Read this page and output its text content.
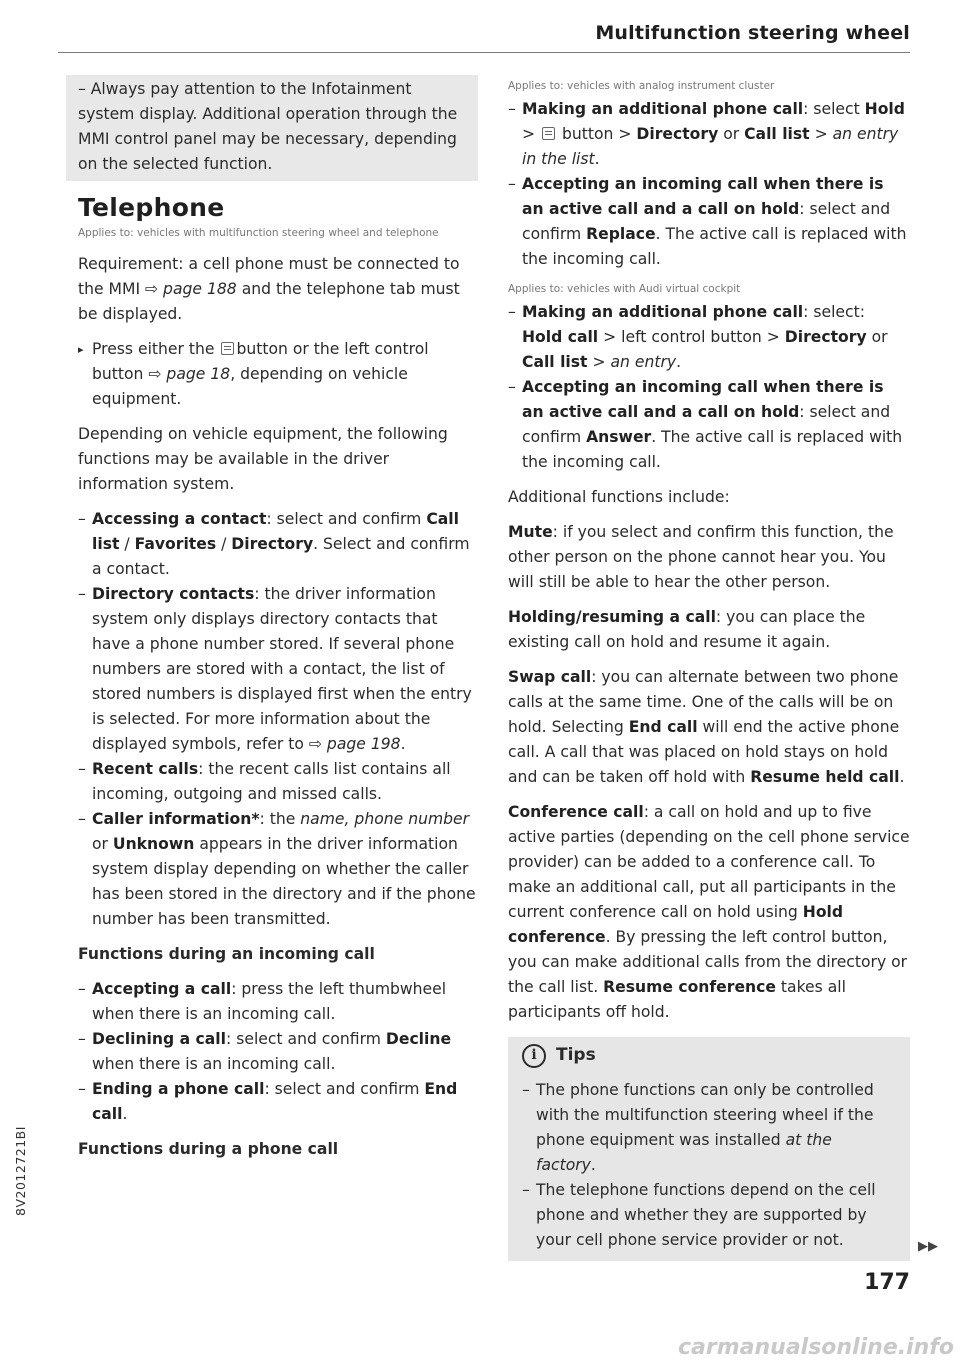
Multifunction steering wheel

– Always pay attention to the Infotainment system display. Additional operation through the MMI control panel may be necessary, depending on the selected function.

Telephone
Applies to: vehicles with multifunction steering wheel and telephone

Requirement: a cell phone must be connected to the MMI ⇨ page 188 and the telephone tab must be displayed.

▸ Press either the button or the left control button ⇨ page 18, depending on vehicle equipment.

Depending on vehicle equipment, the following functions may be available in the driver information system.

– Accessing a contact: select and confirm Call list / Favorites / Directory. Select and confirm a contact.
– Directory contacts: the driver information system only displays directory contacts that have a phone number stored. If several phone numbers are stored with a contact, the list of stored numbers is displayed first when the entry is selected. For more information about the displayed symbols, refer to ⇨ page 198.
– Recent calls: the recent calls list contains all incoming, outgoing and missed calls.
– Caller information*: the name, phone number or Unknown appears in the driver information system display depending on whether the caller has been stored in the directory and if the phone number has been transmitted.
Functions during an incoming call
– Accepting a call: press the left thumbwheel when there is an incoming call.
– Declining a call: select and confirm Decline when there is an incoming call.
– Ending a phone call: select and confirm End call.
Functions during a phone call
Applies to: vehicles with analog instrument cluster
– Making an additional phone call: select Hold >  button > Directory or Call list > an entry in the list.
– Accepting an incoming call when there is an active call and a call on hold: select and confirm Replace. The active call is replaced with the incoming call.
Applies to: vehicles with Audi virtual cockpit
– Making an additional phone call: select: Hold call > left control button > Directory or Call list > an entry.
– Accepting an incoming call when there is an active call and a call on hold: select and confirm Answer. The active call is replaced with the incoming call.

Additional functions include:

Mute: if you select and confirm this function, the other person on the phone cannot hear you. You will still be able to hear the other person.

Holding/resuming a call: you can place the existing call on hold and resume it again.

Swap call: you can alternate between two phone calls at the same time. One of the calls will be on hold. Selecting End call will end the active phone call. A call that was placed on hold stays on hold and can be taken off hold with Resume held call.

Conference call: a call on hold and up to five active parties (depending on the cell phone service provider) can be added to a conference call. To make an additional call, put all participants in the current conference call on hold using Hold conference. By pressing the left control button, you can make additional calls from the directory or the call list. Resume conference takes all participants off hold.

i	Tips
– The phone functions can only be controlled with the multifunction steering wheel if the phone equipment was installed at the factory.
– The telephone functions depend on the cell phone and whether they are supported by your cell phone service provider or not.	▶▶
177
8V2012721BI
carmanualsonline.info
